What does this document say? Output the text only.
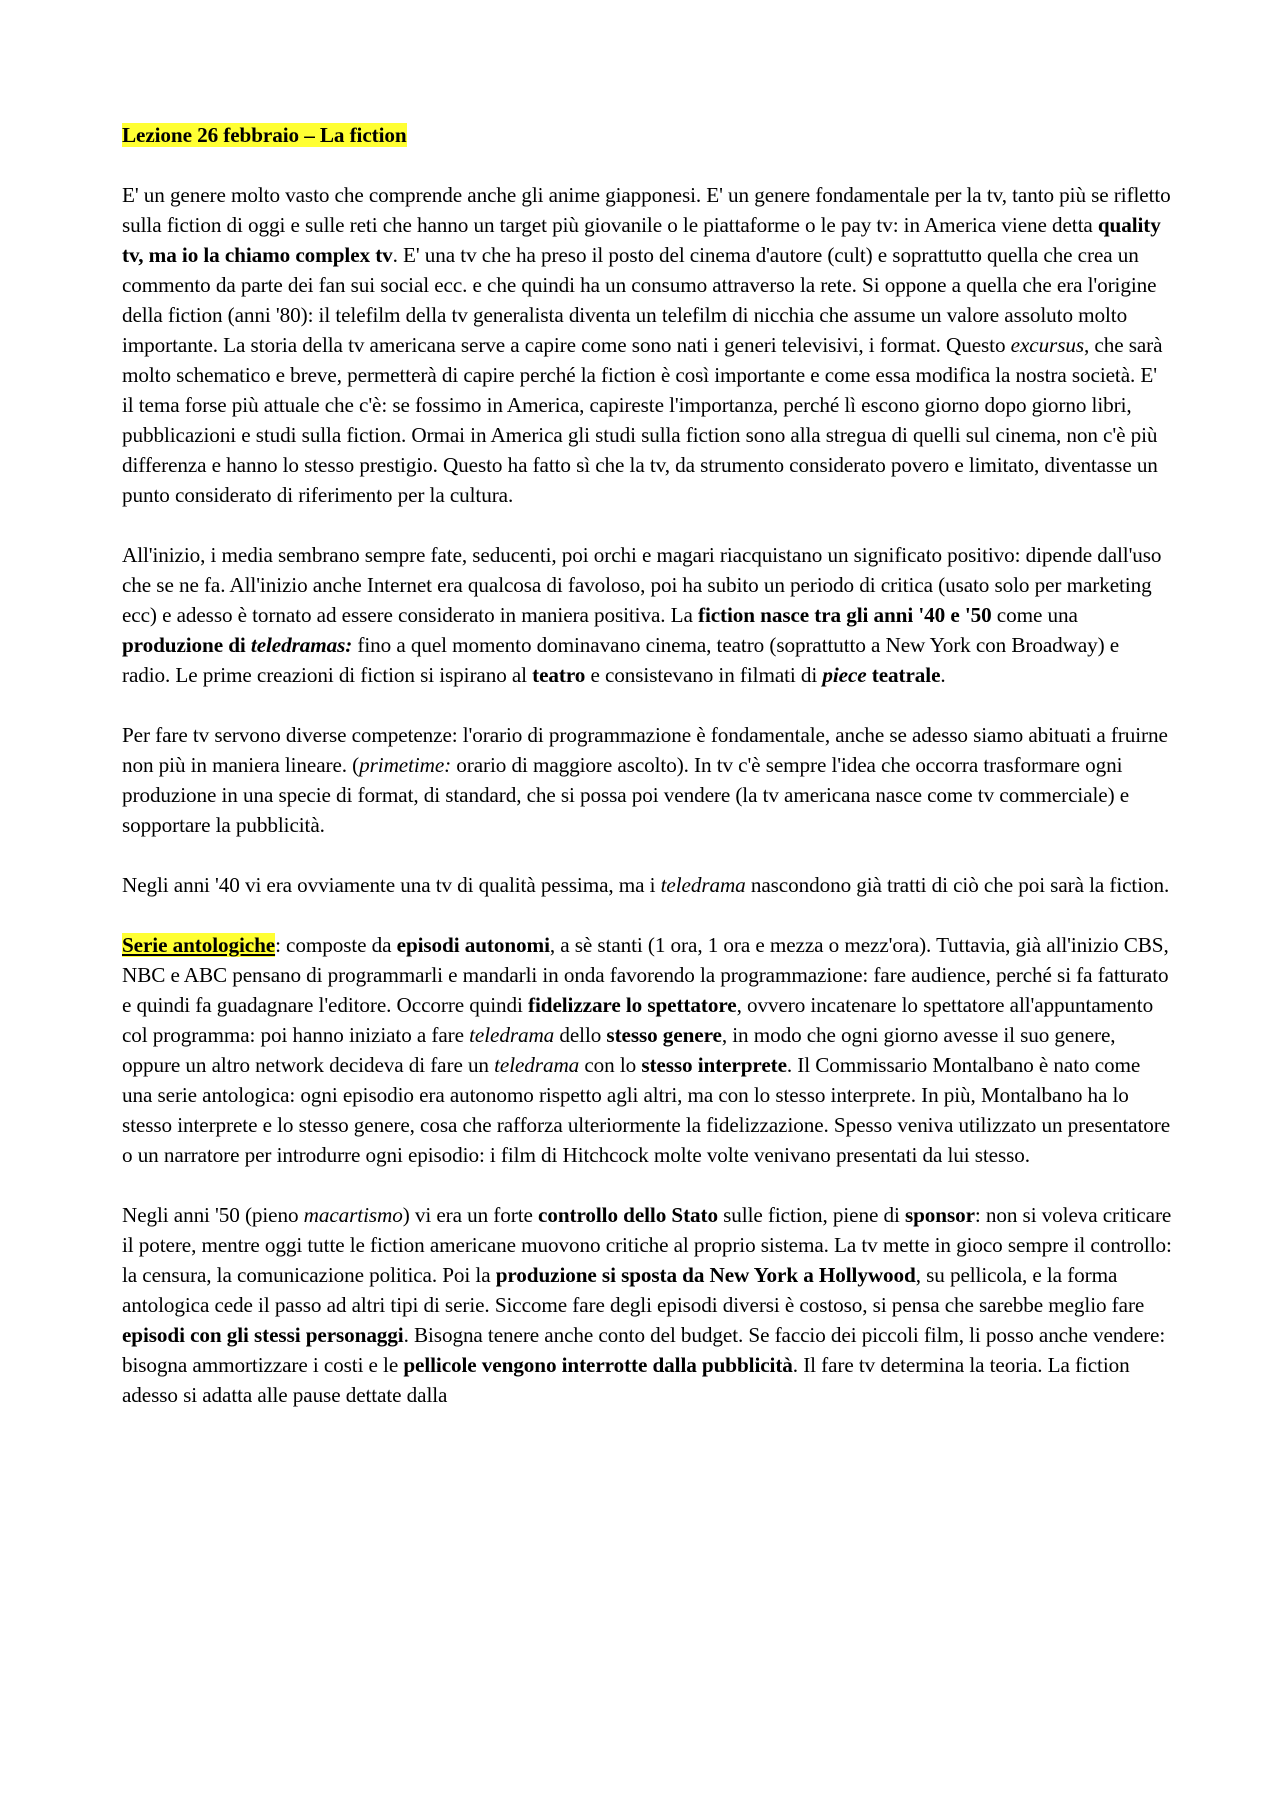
Lezione 26 febbraio – La fiction

E' un genere molto vasto che comprende anche gli anime giapponesi. E' un genere fondamentale per la tv, tanto più se rifletto sulla fiction di oggi e sulle reti che hanno un target più giovanile o le piattaforme o le pay tv: in America viene detta quality tv, ma io la chiamo complex tv. E' una tv che ha preso il posto del cinema d'autore (cult) e soprattutto quella che crea un commento da parte dei fan sui social ecc. e che quindi ha un consumo attraverso la rete. Si oppone a quella che era l'origine della fiction (anni '80): il telefilm della tv generalista diventa un telefilm di nicchia che assume un valore assoluto molto importante. La storia della tv americana serve a capire come sono nati i generi televisivi, i format. Questo excursus, che sarà molto schematico e breve, permetterà di capire perché la fiction è così importante e come essa modifica la nostra società. E' il tema forse più attuale che c'è: se fossimo in America, capireste l'importanza, perché lì escono giorno dopo giorno libri, pubblicazioni e studi sulla fiction. Ormai in America gli studi sulla fiction sono alla stregua di quelli sul cinema, non c'è più differenza e hanno lo stesso prestigio. Questo ha fatto sì che la tv, da strumento considerato povero e limitato, diventasse un punto considerato di riferimento per la cultura.

All'inizio, i media sembrano sempre fate, seducenti, poi orchi e magari riacquistano un significato positivo: dipende dall'uso che se ne fa. All'inizio anche Internet era qualcosa di favoloso, poi ha subito un periodo di critica (usato solo per marketing ecc) e adesso è tornato ad essere considerato in maniera positiva. La fiction nasce tra gli anni '40 e '50 come una produzione di teledramas: fino a quel momento dominavano cinema, teatro (soprattutto a New York con Broadway) e radio. Le prime creazioni di fiction si ispirano al teatro e consistevano in filmati di piece teatrale.

Per fare tv servono diverse competenze: l'orario di programmazione è fondamentale, anche se adesso siamo abituati a fruirne non più in maniera lineare. (primetime: orario di maggiore ascolto). In tv c'è sempre l'idea che occorra trasformare ogni produzione in una specie di format, di standard, che si possa poi vendere (la tv americana nasce come tv commerciale) e sopportare la pubblicità.

Negli anni '40 vi era ovviamente una tv di qualità pessima, ma i teledrama nascondono già tratti di ciò che poi sarà la fiction.

Serie antologiche: composte da episodi autonomi, a sè stanti (1 ora, 1 ora e mezza o mezz'ora). Tuttavia, già all'inizio CBS, NBC e ABC pensano di programmarli e mandarli in onda favorendo la programmazione: fare audience, perché si fa fatturato e quindi fa guadagnare l'editore. Occorre quindi fidelizzare lo spettatore, ovvero incatenare lo spettatore all'appuntamento col programma: poi hanno iniziato a fare teledrama dello stesso genere, in modo che ogni giorno avesse il suo genere, oppure un altro network decideva di fare un teledrama con lo stesso interprete. Il Commissario Montalbano è nato come una serie antologica: ogni episodio era autonomo rispetto agli altri, ma con lo stesso interprete. In più, Montalbano ha lo stesso interprete e lo stesso genere, cosa che rafforza ulteriormente la fidelizzazione. Spesso veniva utilizzato un presentatore o un narratore per introdurre ogni episodio: i film di Hitchcock molte volte venivano presentati da lui stesso.

Negli anni '50 (pieno macartismo) vi era un forte controllo dello Stato sulle fiction, piene di sponsor: non si voleva criticare il potere, mentre oggi tutte le fiction americane muovono critiche al proprio sistema. La tv mette in gioco sempre il controllo: la censura, la comunicazione politica. Poi la produzione si sposta da New York a Hollywood, su pellicola, e la forma antologica cede il passo ad altri tipi di serie. Siccome fare degli episodi diversi è costoso, si pensa che sarebbe meglio fare episodi con gli stessi personaggi. Bisogna tenere anche conto del budget. Se faccio dei piccoli film, li posso anche vendere: bisogna ammortizzare i costi e le pellicole vengono interrotte dalla pubblicità. Il fare tv determina la teoria. La fiction adesso si adatta alle pause dettate dalla
